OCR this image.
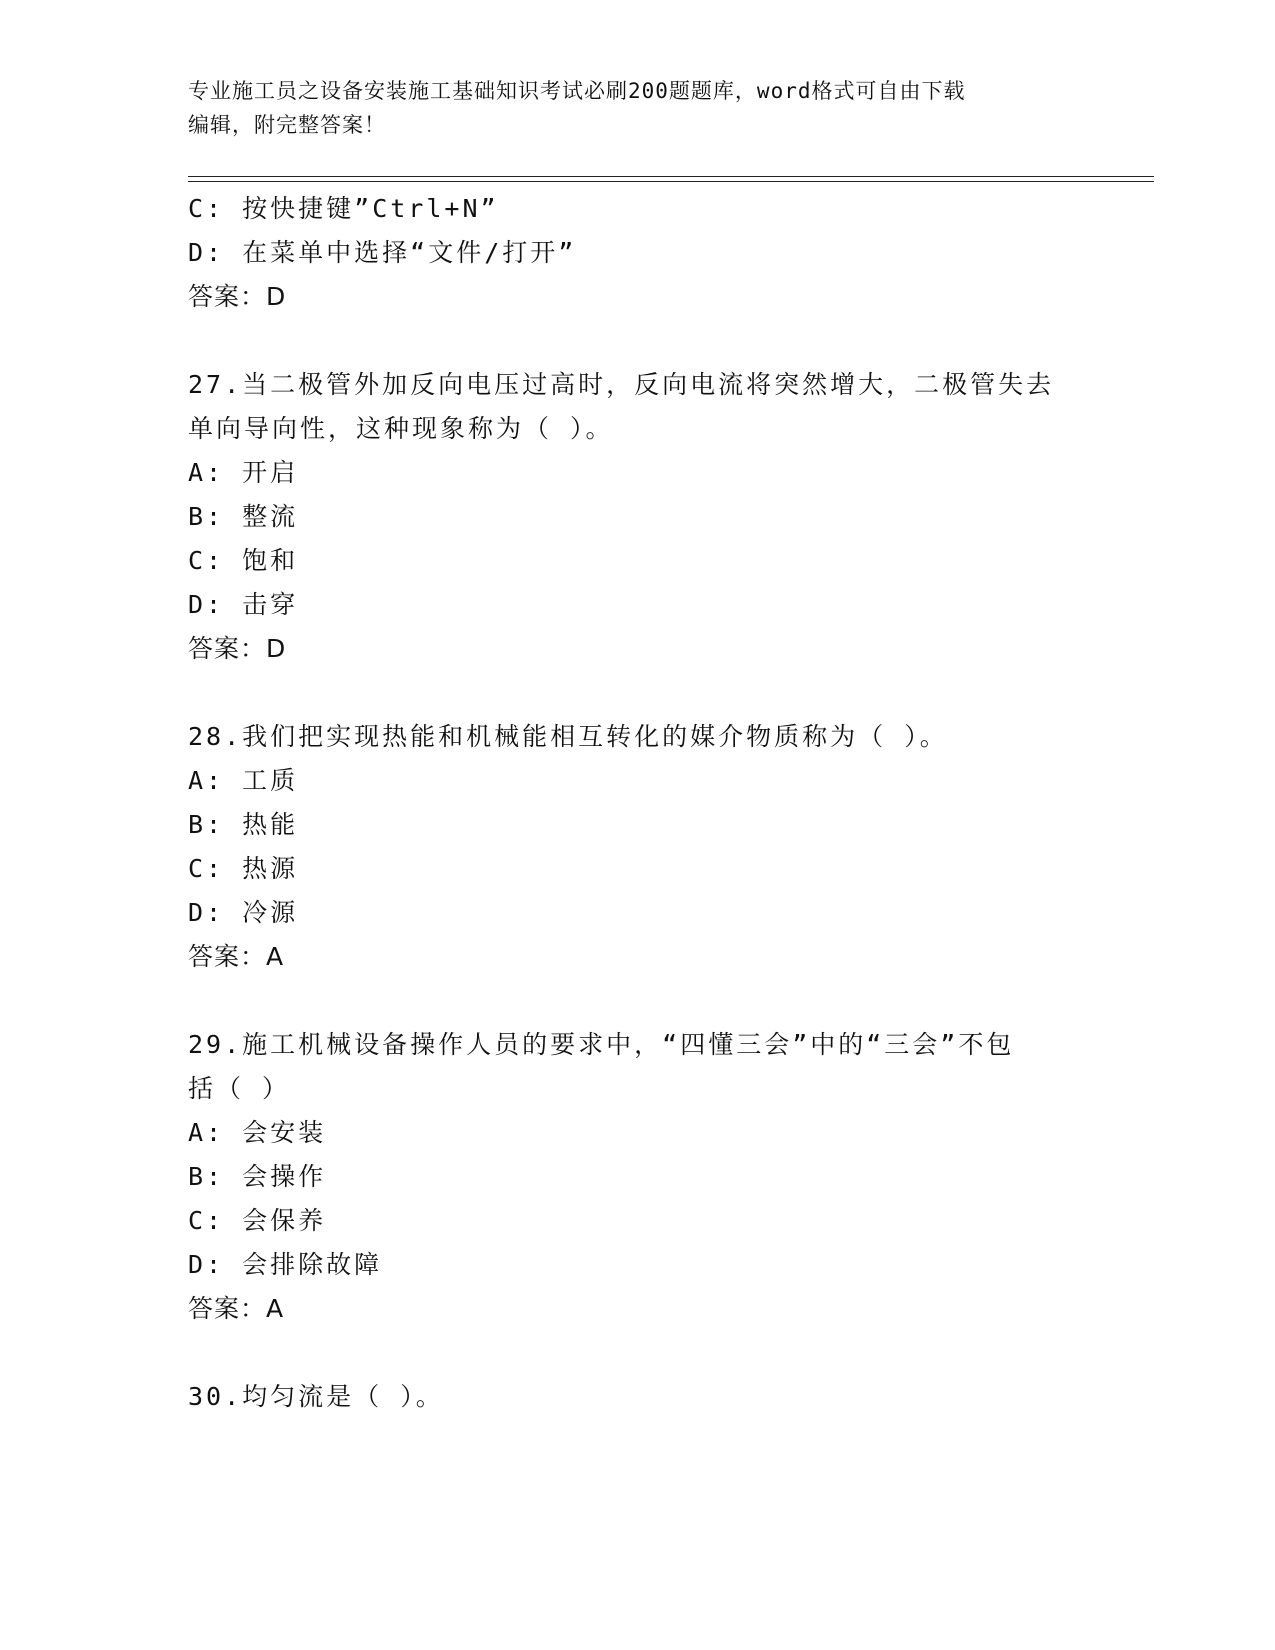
专业施工员之设备安装施工基础知识考试必刷200题题库，word格式可自由下载
编辑，附完整答案！
C: 按快捷键”Ctrl+N”
D: 在菜单中选择“文件/打开”
答案：D
27.当二极管外加反向电压过高时，反向电流将突然增大，二极管失去
单向导向性，这种现象称为（ ）。
A: 开启
B: 整流
C: 饱和
D: 击穿
答案：D
28.我们把实现热能和机械能相互转化的媒介物质称为（ ）。
A: 工质
B: 热能
C: 热源
D: 冷源
答案：A
29.施工机械设备操作人员的要求中，“四懂三会”中的“三会”不包
括（ ）
A: 会安装
B: 会操作
C: 会保养
D: 会排除故障
答案：A
30.均匀流是（ ）。
